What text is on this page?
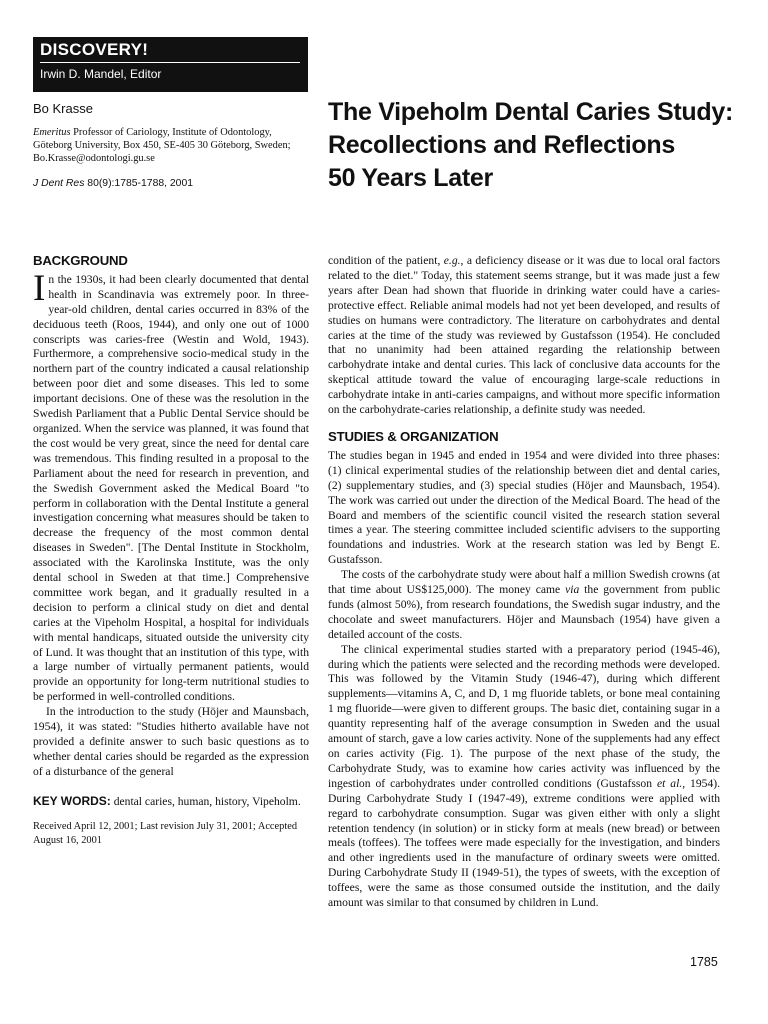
DISCOVERY!
Irwin D. Mandel, Editor
Bo Krasse
Emeritus Professor of Cariology, Institute of Odontology, Göteborg University, Box 450, SE-405 30 Göteborg, Sweden; Bo.Krasse@odontologi.gu.se
J Dent Res 80(9):1785-1788, 2001
The Vipeholm Dental Caries Study:
Recollections and Reflections
50 Years Later
BACKGROUND

In the 1930s, it had been clearly documented that dental health in Scandinavia was extremely poor. In three-year-old children, dental caries occurred in 83% of the deciduous teeth (Roos, 1944), and only one out of 1000 conscripts was caries-free (Westin and Wold, 1943). Furthermore, a comprehensive socio-medical study in the northern part of the country indicated a causal relationship between poor diet and some diseases. This led to some important decisions. One of these was the resolution in the Swedish Parliament that a Public Dental Service should be organized. When the service was planned, it was found that the cost would be very great, since the need for dental care was tremendous. This finding resulted in a proposal to the Parliament about the need for research in prevention, and the Swedish Government asked the Medical Board "to perform in collaboration with the Dental Institute a general investigation concerning what measures should be taken to decrease the frequency of the most common dental diseases in Sweden". [The Dental Institute in Stockholm, associated with the Karolinska Institute, was the only dental school in Sweden at that time.] Comprehensive committee work began, and it gradually resulted in a decision to perform a clinical study on diet and dental caries at the Vipeholm Hospital, a hospital for individuals with mental handicaps, situated outside the university city of Lund. It was thought that an institution of this type, with a large number of virtually permanent patients, would provide an opportunity for long-term nutritional studies to be performed in well-controlled conditions.

In the introduction to the study (Höjer and Maunsbach, 1954), it was stated: "Studies hitherto available have not provided a definite answer to such basic questions as to whether dental caries should be regarded as the expression of a disturbance of the general

KEY WORDS: dental caries, human, history, Vipeholm.
Received April 12, 2001; Last revision July 31, 2001; Accepted August 16, 2001

condition of the patient, e.g., a deficiency disease or it was due to local oral factors related to the diet." Today, this statement seems strange, but it was made just a few years after Dean had shown that fluoride in drinking water could have a caries-protective effect. Reliable animal models had not yet been developed, and results of studies on humans were contradictory. The literature on carbohydrates and dental caries at the time of the study was reviewed by Gustafsson (1954). He concluded that no unanimity had been attained regarding the relationship between carbohydrate intake and dental curies. This lack of conclusive data accounts for the skeptical attitude toward the value of encouraging large-scale reductions in carbohydrate intake in anti-caries campaigns, and without more specific information on the carbohydrate-caries relationship, a definite study was needed.

STUDIES & ORGANIZATION

The studies began in 1945 and ended in 1954 and were divided into three phases: (1) clinical experimental studies of the relationship between diet and dental caries, (2) supplementary studies, and (3) special studies (Höjer and Maunsbach, 1954). The work was carried out under the direction of the Medical Board. The head of the Board and members of the scientific council visited the research station several times a year. The steering committee included scientific advisers to the supporting foundations and industries. Work at the research station was led by Bengt E. Gustafsson.

The costs of the carbohydrate study were about half a million Swedish crowns (at that time about US$125,000). The money came via the government from public funds (almost 50%), from research foundations, the Swedish sugar industry, and the chocolate and sweet manufacturers. Höjer and Maunsbach (1954) have given a detailed account of the costs.

The clinical experimental studies started with a preparatory period (1945-46), during which the patients were selected and the recording methods were developed. This was followed by the Vitamin Study (1946-47), during which different supplements—vitamins A, C, and D, 1 mg fluoride tablets, or bone meal containing 1 mg fluoride—were given to different groups. The basic diet, containing sugar in a quantity representing half of the average consumption in Sweden and the usual amount of starch, gave a low caries activity. None of the supplements had any effect on caries activity (Fig. 1). The purpose of the next phase of the study, the Carbohydrate Study, was to examine how caries activity was influenced by the ingestion of carbohydrates under controlled conditions (Gustafsson et al., 1954). During Carbohydrate Study I (1947-49), extreme conditions were applied with regard to carbohydrate consumption. Sugar was given either with only a slight retention tendency (in solution) or in sticky form at meals (new bread) or between meals (toffees). The toffees were made especially for the investigation, and binders and other ingredients used in the manufacture of ordinary sweets were omitted. During Carbohydrate Study II (1949-51), the types of sweets, with the exception of toffees, were the same as those consumed outside the institution, and the daily amount was similar to that consumed by children in Lund.

1785
